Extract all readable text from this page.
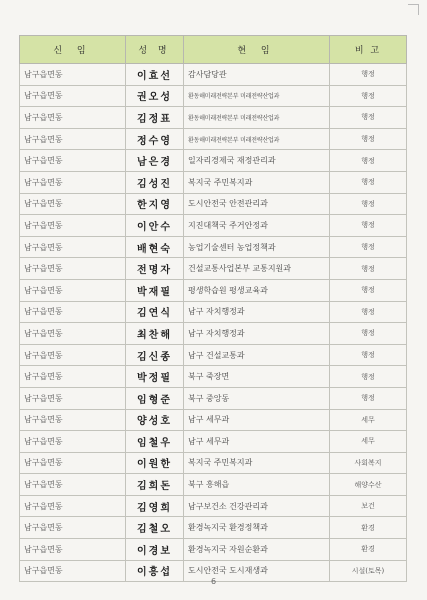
신 임	성 명	현 임	비 고
남구읍면동	이효선	감사담당관	행정
남구읍면동	권오성	환동해미래전략본부 미래전략산업과	행정
남구읍면동	김정표	환동해미래전략본부 미래전략산업과	행정
남구읍면동	정수영	환동해미래전략본부 미래전략산업과	행정
남구읍면동	남은경	일자리경제국 재정관리과	행정
남구읍면동	김성진	복지국 주민복지과	행정
남구읍면동	한지영	도시안전국 안전관리과	행정
남구읍면동	이안수	지진대책국 주거안정과	행정
남구읍면동	배현숙	농업기술센터 농업정책과	행정
남구읍면동	전명자	건설교통사업본부 교통지원과	행정
남구읍면동	박재필	평생학습원 평생교육과	행정
남구읍면동	김연식	남구 자치행정과	행정
남구읍면동	최찬해	남구 자치행정과	행정
남구읍면동	김신종	남구 건설교통과	행정
남구읍면동	박정필	북구 죽장면	행정
남구읍면동	임형준	북구 중앙동	행정
남구읍면동	양성호	남구 세무과	세무
남구읍면동	임철우	남구 세무과	세무
남구읍면동	이원한	복지국 주민복지과	사회복지
남구읍면동	김희돈	북구 흥해읍	해양수산
남구읍면동	김영희	남구보건소 건강관리과	보건
남구읍면동	김철오	환경녹지국 환경정책과	환경
남구읍면동	이경보	환경녹지국 자원순환과	환경
남구읍면동	이흥섭	도시안전국 도시재생과	시설(토목)
6
